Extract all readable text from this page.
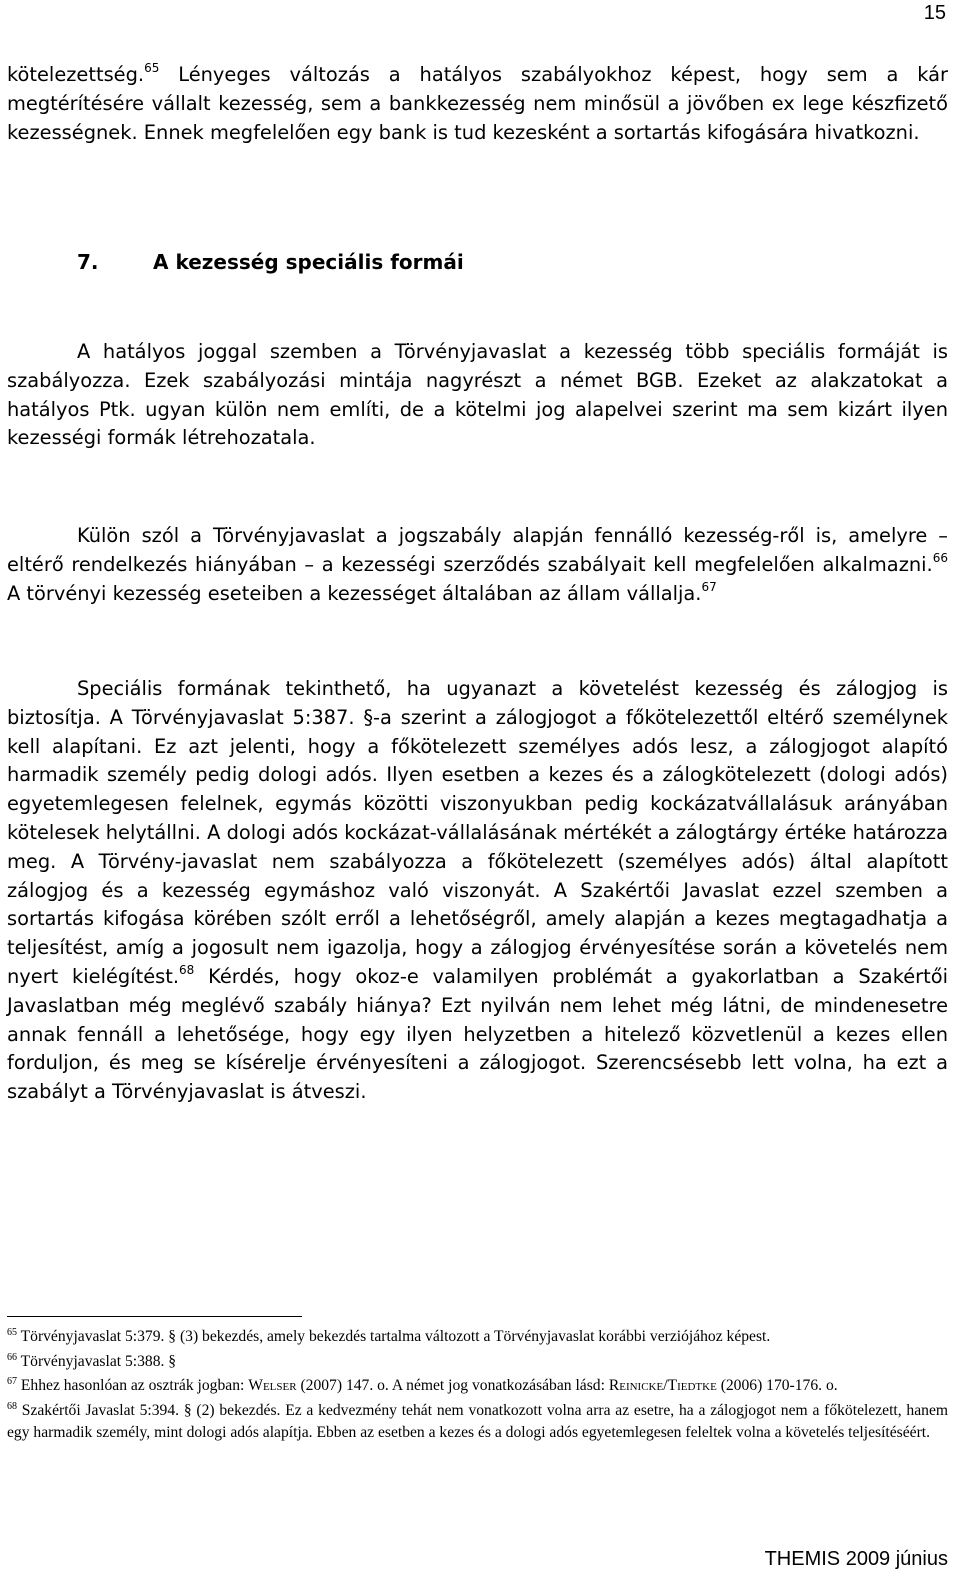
15

kötelezettség.$^{65}$ Lényeges változás a hatályos szabályokhoz képest, hogy sem a kár megtérítésére vállalt kezesség, sem a bankkezesség nem minősül a jövőben ex lege készfizető kezességnek. Ennek megfelelően egy bank is tud kezesként a sortartás kifogására hivatkozni.

7.	A kezesség speciális formái

A hatályos joggal szemben a Törvényjavaslat a kezesség több speciális formáját is szabályozza. Ezek szabályozási mintája nagyrészt a német BGB. Ezeket az alakzatokat a hatályos Ptk. ugyan külön nem említi, de a kötelmi jog alapelvei szerint ma sem kizárt ilyen kezességi formák létrehozatala.

Külön szól a Törvényjavaslat a jogszabály alapján fennálló kezesség-ről is, amelyre – eltérő rendelkezés hiányában – a kezességi szerződés szabályait kell megfelelően alkalmazni.$^{66}$ A törvényi kezesség eseteiben a kezességet általában az állam vállalja.$^{67}$

Speciális formának tekinthető, ha ugyanazt a követelést kezesség és zálogjog is biztosítja. A Törvényjavaslat 5:387. §-a szerint a zálogjogot a főkötelezettől eltérő személynek kell alapítani. Ez azt jelenti, hogy a főkötelezett személyes adós lesz, a zálogjogot alapító harmadik személy pedig dologi adós. Ilyen esetben a kezes és a zálogkötelezett (dologi adós) egyetemlegesen felelnek, egymás közötti viszonyukban pedig kockázatvállalásuk arányában kötelesek helytállni. A dologi adós kockázat-vállalásának mértékét a zálogtárgy értéke határozza meg. A Törvény-javaslat nem szabályozza a főkötelezett (személyes adós) által alapított zálogjog és a kezesség egymáshoz való viszonyát. A Szakértői Javaslat ezzel szemben a sortartás kifogása körében szólt erről a lehetőségről, amely alapján a kezes megtagadhatja a teljesítést, amíg a jogosult nem igazolja, hogy a zálogjog érvényesítése során a követelés nem nyert kielégítést.$^{68}$ Kérdés, hogy okoz-e valamilyen problémát a gyakorlatban a Szakértői Javaslatban még meglévő szabály hiánya? Ezt nyilván nem lehet még látni, de mindenesetre annak fennáll a lehetősége, hogy egy ilyen helyzetben a hitelező közvetlenül a kezes ellen forduljon, és meg se kísérelje érvényesíteni a zálogjogot. Szerencsésebb lett volna, ha ezt a szabályt a Törvényjavaslat is átveszi.

$^{65}$ Törvényjavaslat 5:379. § (3) bekezdés, amely bekezdés tartalma változott a Törvényjavaslat korábbi verziójához képest.

$^{66}$ Törvényjavaslat 5:388. §

$^{67}$ Ehhez hasonlóan az osztrák jogban: Welser (2007) 147. o. A német jog vonatkozásában lásd: Reinicke/Tiedtke (2006) 170-176. o.

$^{68}$ Szakértői Javaslat 5:394. § (2) bekezdés. Ez a kedvezmény tehát nem vonatkozott volna arra az esetre, ha a zálogjogot nem a főkötelezett, hanem egy harmadik személy, mint dologi adós alapítja. Ebben az esetben a kezes és a dologi adós egyetemlegesen feleltek volna a követelés teljesítéséért.

THEMIS 2009 június
